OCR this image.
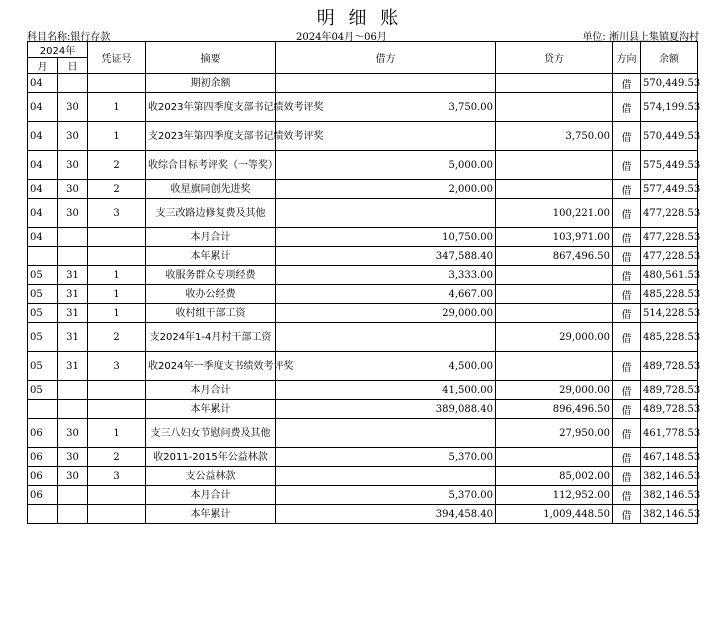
明 细 账
科目名称:银行存款	2024年04月～06月	单位: 淅川县上集镇夏沟村
2024年		凭证号	摘要	借方	贷方	方向	余额
月	日						
04			期初余额			借	570,449.53
04	30	1	收2023年第四季度支部书记绩效考评奖	3,750.00		借	574,199.53
04	30	1	支2023年第四季度支部书记绩效考评奖		3,750.00	借	570,449.53
04	30	2	收综合目标考评奖（一等奖）	5,000.00		借	575,449.53
04	30	2	收星旗同创先进奖	2,000.00		借	577,449.53
04	30	3	支三改路边修复费及其他		100,221.00	借	477,228.53
04			本月合计	10,750.00	103,971.00	借	477,228.53
			本年累计	347,588.40	867,496.50	借	477,228.53
05	31	1	收服务群众专项经费	3,333.00		借	480,561.53
05	31	1	收办公经费	4,667.00		借	485,228.53
05	31	1	收村组干部工资	29,000.00		借	514,228.53
05	31	2	支2024年1-4月村干部工资		29,000.00	借	485,228.53
05	31	3	收2024年一季度支书绩效考评奖	4,500.00		借	489,728.53
05			本月合计	41,500.00	29,000.00	借	489,728.53
			本年累计	389,088.40	896,496.50	借	489,728.53
06	30	1	支三八妇女节慰问费及其他		27,950.00	借	461,778.53
06	30	2	收2011-2015年公益林款	5,370.00		借	467,148.53
06	30	3	支公益林款		85,002.00	借	382,146.53
06			本月合计	5,370.00	112,952.00	借	382,146.53
			本年累计	394,458.40	1,009,448.50	借	382,146.53
